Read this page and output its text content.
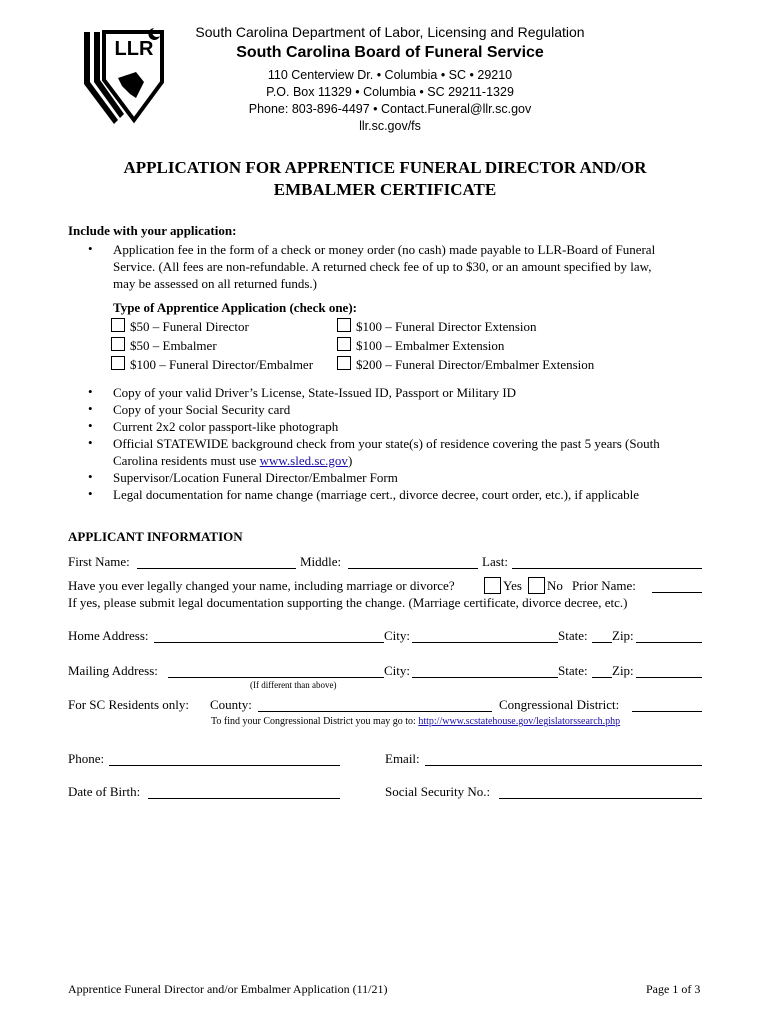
LLR
South Carolina Department of Labor, Licensing and Regulation
South Carolina Board of Funeral Service
110 Centerview Dr. • Columbia • SC • 29210
P.O. Box 11329 • Columbia • SC 29211-1329
Phone: 803-896-4497 • Contact.Funeral@llr.sc.gov
llr.sc.gov/fs
APPLICATION FOR APPRENTICE FUNERAL DIRECTOR AND/OR
EMBALMER CERTIFICATE
Include with your application:
• Application fee in the form of a check or money order (no cash) made payable to LLR-Board of Funeral
Service. (All fees are non-refundable. A returned check fee of up to $30, or an amount specified by law,
may be assessed on all returned funds.)
Type of Apprentice Application (check one):
$50 – Funeral Director
$50 – Embalmer
$100 – Funeral Director/Embalmer
$100 – Funeral Director Extension
$100 – Embalmer Extension
$200 – Funeral Director/Embalmer Extension
• Copy of your valid Driver’s License, State-Issued ID, Passport or Military ID
• Copy of your Social Security card
• Current 2x2 color passport-like photograph
• Official STATEWIDE background check from your state(s) of residence covering the past 5 years (South
Carolina residents must use www.sled.sc.gov)
• Supervisor/Location Funeral Director/Embalmer Form
• Legal documentation for name change (marriage cert., divorce decree, court order, etc.), if applicable
APPLICANT INFORMATION
First Name:	Middle:	Last:
Have you ever legally changed your name, including marriage or divorce?	Yes No Prior Name:
If yes, please submit legal documentation supporting the change. (Marriage certificate, divorce decree, etc.)
Home Address:	City:	State: Zip:
Mailing Address:	City:	State: Zip:
(If different than above)
For SC Residents only: County:	Congressional District:
To find your Congressional District you may go to: http://www.scstatehouse.gov/legislatorssearch.php
Phone:	Email:
Date of Birth:	Social Security No.:
Apprentice Funeral Director and/or Embalmer Application (11/21)	Page 1 of 3
